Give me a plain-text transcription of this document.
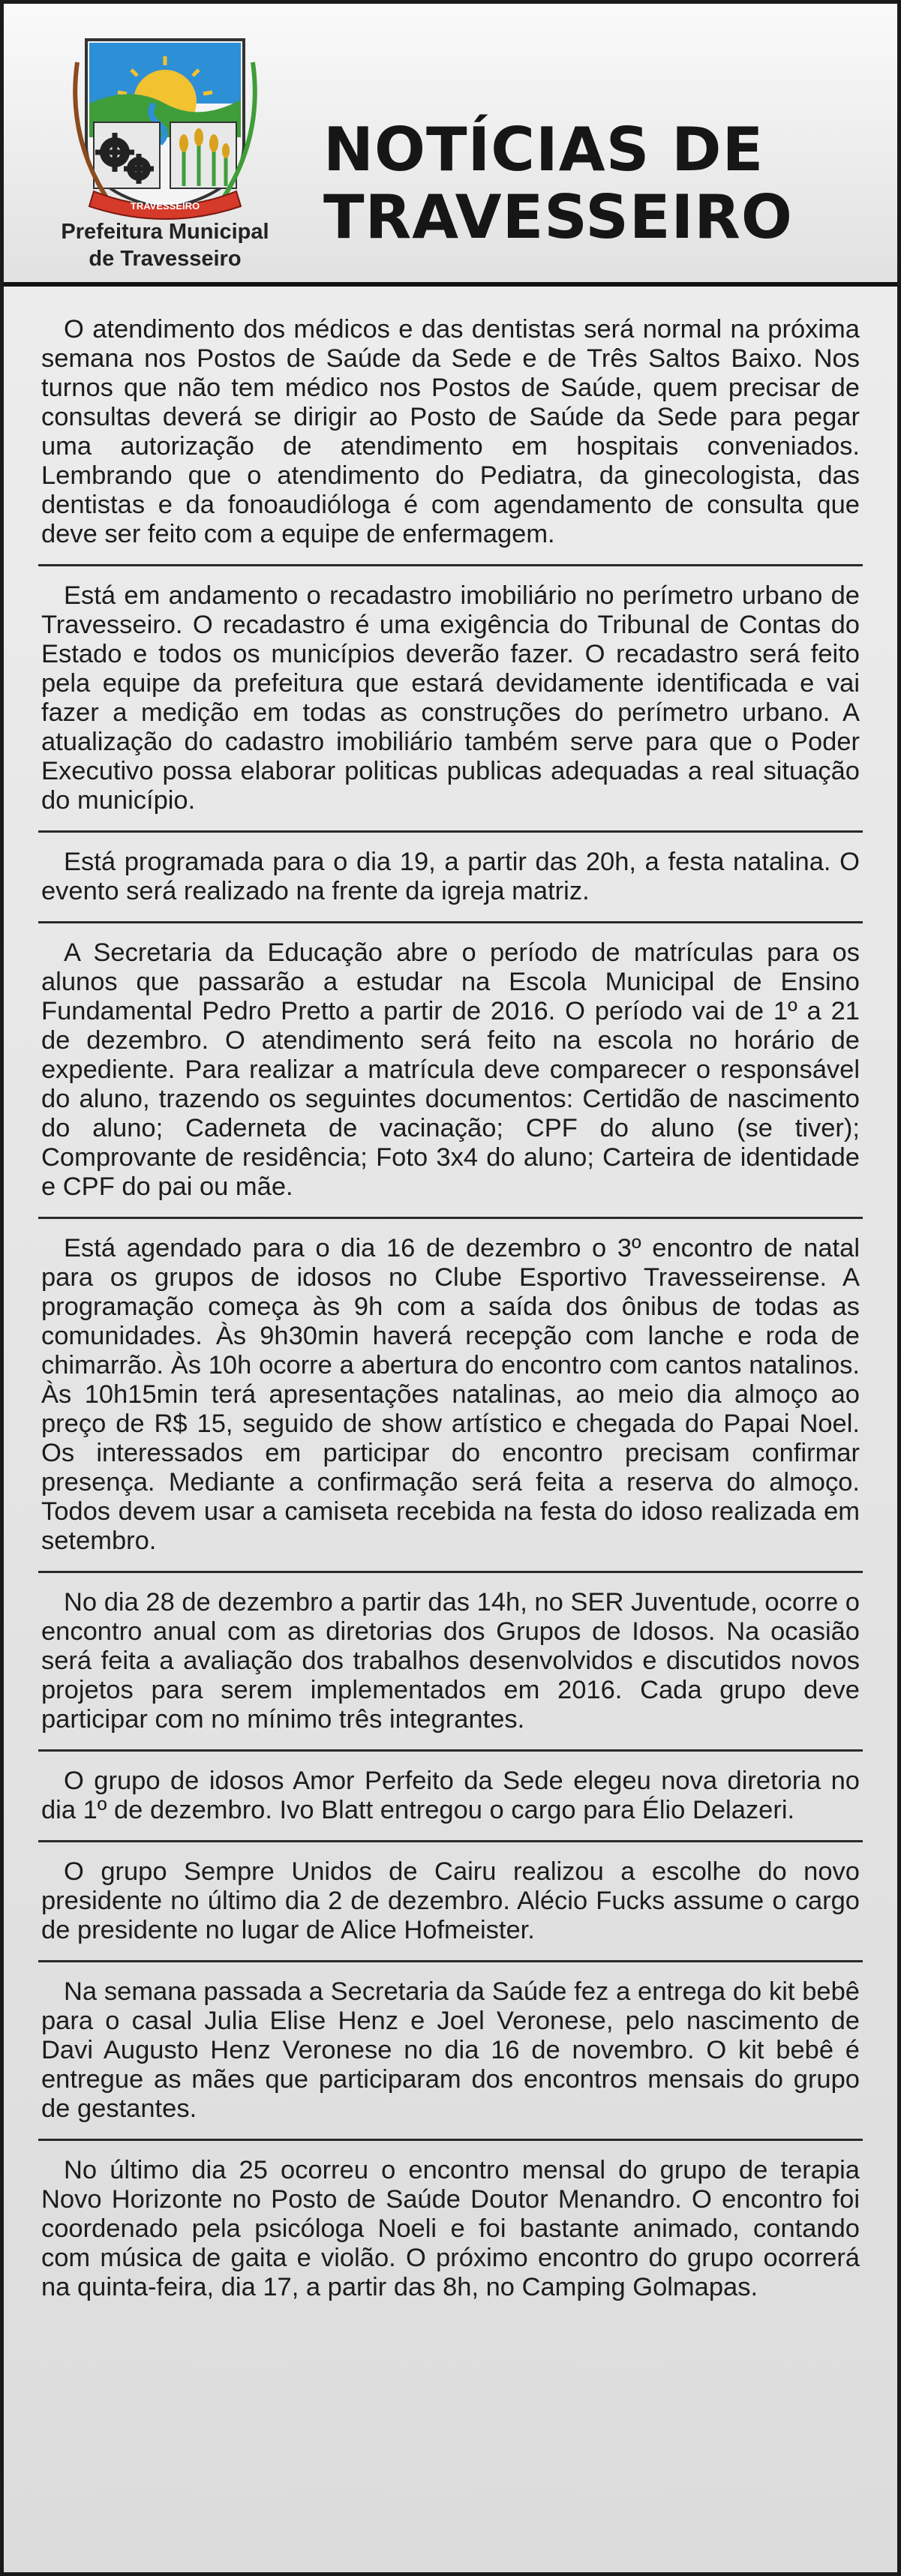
TRAVESSEIRO
Prefeitura Municipal
de Travesseiro
NOTÍCIAS DE
TRAVESSEIRO

O atendimento dos médicos e das dentistas será normal na próxima semana nos Postos de Saúde da Sede e de Três Saltos Baixo. Nos turnos que não tem médico nos Postos de Saúde, quem precisar de consultas deverá se dirigir ao Posto de Saúde da Sede para pegar uma autorização de atendimento em hospitais conveniados. Lembrando que o atendimento do Pediatra, da ginecologista, das dentistas e da fonoaudióloga é com agendamento de consulta que deve ser feito com a equipe de enfermagem.

Está em andamento o recadastro imobiliário no perímetro urbano de Travesseiro. O recadastro é uma exigência do Tribunal de Contas do Estado e todos os municípios deverão fazer. O recadastro será feito pela equipe da prefeitura que estará devidamente identificada e vai fazer a medição em todas as construções do perímetro urbano. A atualização do cadastro imobiliário também serve para que o Poder Executivo possa elaborar politicas publicas adequadas a real situação do município.

Está programada para o dia 19, a partir das 20h, a festa natalina. O evento será realizado na frente da igreja matriz.

A Secretaria da Educação abre o período de matrículas para os alunos que passarão a estudar na Escola Municipal de Ensino Fundamental Pedro Pretto a partir de 2016. O período vai de 1º a 21 de dezembro. O atendimento será feito na escola no horário de expediente. Para realizar a matrícula deve comparecer o responsável do aluno, trazendo os seguintes documentos: Certidão de nascimento do aluno; Caderneta de vacinação; CPF do aluno (se tiver); Comprovante de residência; Foto 3x4 do aluno; Carteira de identidade e CPF do pai ou mãe.

Está agendado para o dia 16 de dezembro o 3º encontro de natal para os grupos de idosos no Clube Esportivo Travesseirense. A programação começa às 9h com a saída dos ônibus de todas as comunidades. Às 9h30min haverá recepção com lanche e roda de chimarrão. Às 10h ocorre a abertura do encontro com cantos natalinos. Às 10h15min terá apresentações natalinas, ao meio dia almoço ao preço de R$ 15, seguido de show artístico e chegada do Papai Noel. Os interessados em participar do encontro precisam confirmar presença. Mediante a confirmação será feita a reserva do almoço. Todos devem usar a camiseta recebida na festa do idoso realizada em setembro.

No dia 28 de dezembro a partir das 14h, no SER Juventude, ocorre o encontro anual com as diretorias dos Grupos de Idosos. Na ocasião será feita a avaliação dos trabalhos desenvolvidos e discutidos novos projetos para serem implementados em 2016. Cada grupo deve participar com no mínimo três integrantes.

O grupo de idosos Amor Perfeito da Sede elegeu nova diretoria no dia 1º de dezembro. Ivo Blatt entregou o cargo para Élio Delazeri.

O grupo Sempre Unidos de Cairu realizou a escolhe do novo presidente no último dia 2 de dezembro. Alécio Fucks assume o cargo de presidente no lugar de Alice Hofmeister.

Na semana passada a Secretaria da Saúde fez a entrega do kit bebê para o casal Julia Elise Henz e Joel Veronese, pelo nascimento de Davi Augusto Henz Veronese no dia 16 de novembro. O kit bebê é entregue as mães que participaram dos encontros mensais do grupo de gestantes.

No último dia 25 ocorreu o encontro mensal do grupo de terapia Novo Horizonte no Posto de Saúde Doutor Menandro. O encontro foi coordenado pela psicóloga Noeli e foi bastante animado, contando com música de gaita e violão. O próximo encontro do grupo ocorrerá na quinta-feira, dia 17, a partir das 8h, no Camping Golmapas.
